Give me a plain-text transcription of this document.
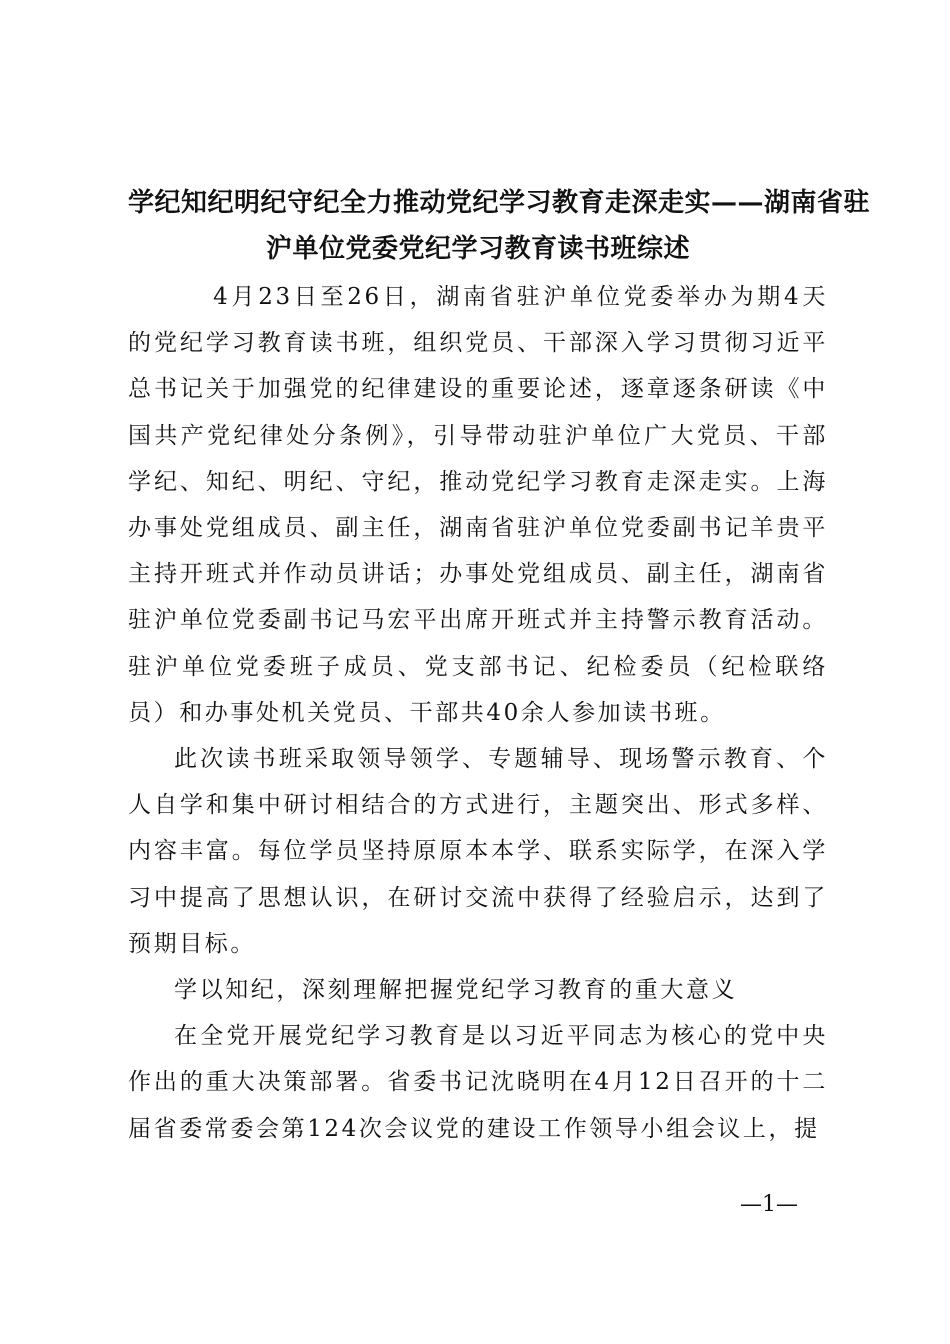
学纪知纪明纪守纪全力推动党纪学习教育走深走实——湖南省驻
沪单位党委党纪学习教育读书班综述

4月23日至26日，湖南省驻沪单位党委举办为期4天的党纪学习教育读书班，组织党员、干部深入学习贯彻习近平总书记关于加强党的纪律建设的重要论述，逐章逐条研读《中国共产党纪律处分条例》，引导带动驻沪单位广大党员、干部学纪、知纪、明纪、守纪，推动党纪学习教育走深走实。上海办事处党组成员、副主任，湖南省驻沪单位党委副书记羊贵平主持开班式并作动员讲话；办事处党组成员、副主任，湖南省驻沪单位党委副书记马宏平出席开班式并主持警示教育活动。驻沪单位党委班子成员、党支部书记、纪检委员（纪检联络员）和办事处机关党员、干部共40余人参加读书班。

此次读书班采取领导领学、专题辅导、现场警示教育、个人自学和集中研讨相结合的方式进行，主题突出、形式多样、内容丰富。每位学员坚持原原本本学、联系实际学，在深入学习中提高了思想认识，在研讨交流中获得了经验启示，达到了预期目标。

学以知纪，深刻理解把握党纪学习教育的重大意义

在全党开展党纪学习教育是以习近平同志为核心的党中央作出的重大决策部署。省委书记沈晓明在4月12日召开的十二届省委常委会第124次会议党的建设工作领导小组会议上，提

—1—
